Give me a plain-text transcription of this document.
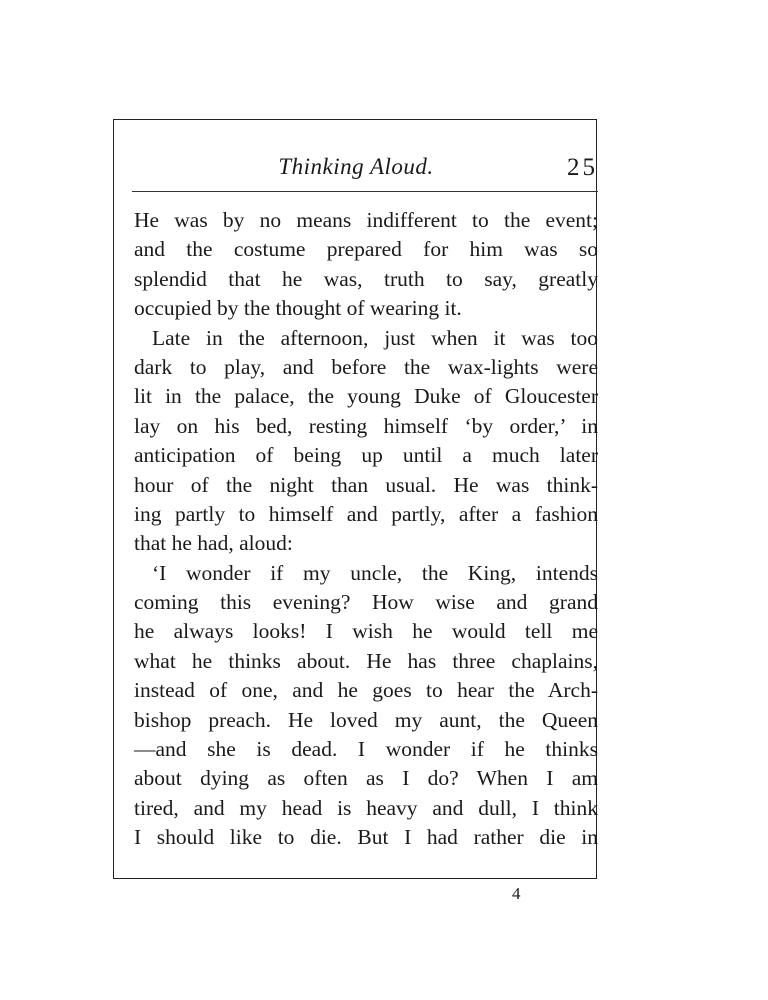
Thinking Aloud.	25
He was by no means indifferent to the event;
and the costume prepared for him was so
splendid that he was, truth to say, greatly
occupied by the thought of wearing it.
Late in the afternoon, just when it was too
dark to play, and before the wax-lights were
lit in the palace, the young Duke of Gloucester
lay on his bed, resting himself ‘by order,’ in
anticipation of being up until a much later
hour of the night than usual. He was think-
ing partly to himself and partly, after a fashion
that he had, aloud:
‘I wonder if my uncle, the King, intends
coming this evening? How wise and grand
he always looks! I wish he would tell me
what he thinks about. He has three chaplains,
instead of one, and he goes to hear the Arch-
bishop preach. He loved my aunt, the Queen
—and she is dead. I wonder if he thinks
about dying as often as I do? When I am
tired, and my head is heavy and dull, I think
I should like to die. But I had rather die in
4
